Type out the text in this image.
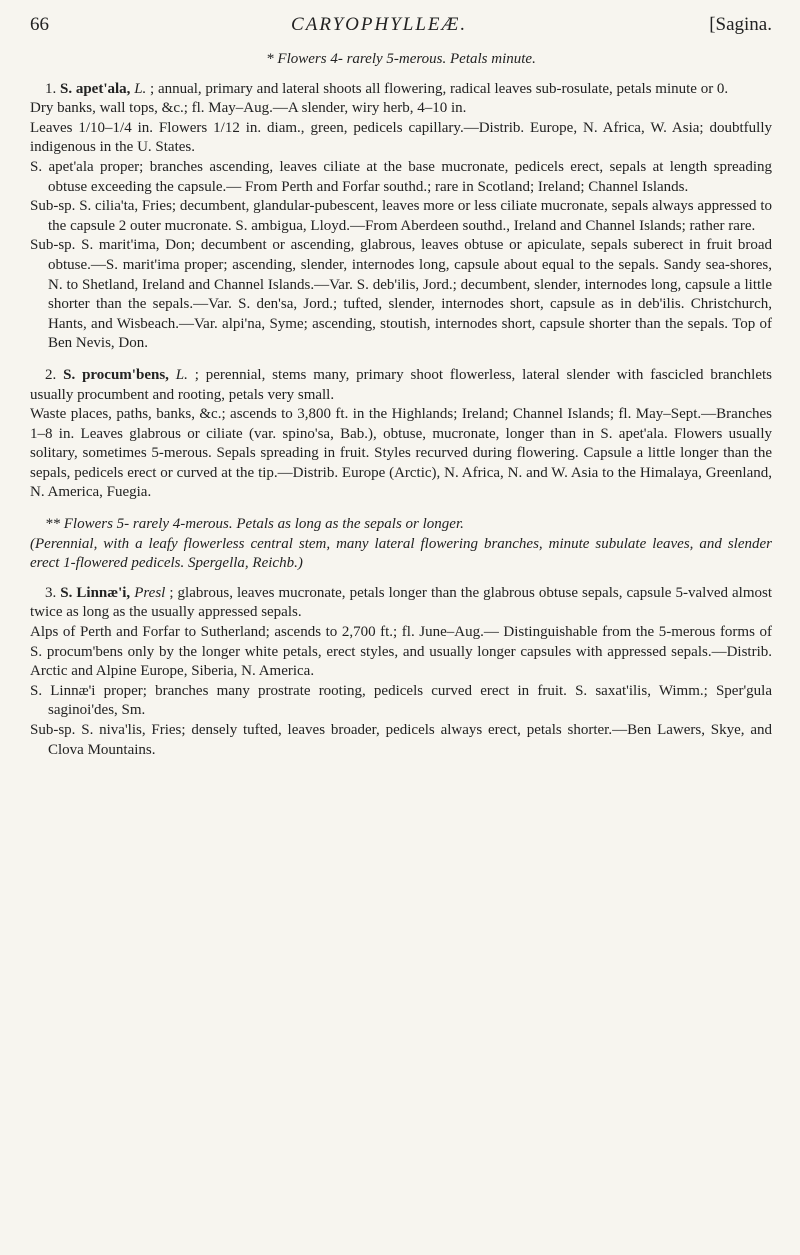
66	CARYOPHYLLEÆ.	[Sagina.

* Flowers 4- rarely 5-merous. Petals minute.

1. S. apet'ala, L. ; annual, primary and lateral shoots all flowering, radical leaves sub-rosulate, petals minute or 0.

Dry banks, wall tops, &c.; fl. May–Aug.—A slender, wiry herb, 4–10 in.

Leaves 1/10–1/4 in. Flowers 1/12 in. diam., green, pedicels capillary.—Distrib. Europe, N. Africa, W. Asia; doubtfully indigenous in the U. States.

S. apet'ala proper; branches ascending, leaves ciliate at the base mucronate, pedicels erect, sepals at length spreading obtuse exceeding the capsule.— From Perth and Forfar southd.; rare in Scotland; Ireland; Channel Islands.

Sub-sp. S. cilia'ta, Fries; decumbent, glandular-pubescent, leaves more or less ciliate mucronate, sepals always appressed to the capsule 2 outer mucronate. S. ambigua, Lloyd.—From Aberdeen southd., Ireland and Channel Islands; rather rare.

Sub-sp. S. marit'ima, Don; decumbent or ascending, glabrous, leaves obtuse or apiculate, sepals suberect in fruit broad obtuse.—S. marit'ima proper; ascending, slender, internodes long, capsule about equal to the sepals. Sandy sea-shores, N. to Shetland, Ireland and Channel Islands.—Var. S. deb'ilis, Jord.; decumbent, slender, internodes long, capsule a little shorter than the sepals.—Var. S. den'sa, Jord.; tufted, slender, internodes short, capsule as in deb'ilis. Christchurch, Hants, and Wisbeach.—Var. alpi'na, Syme; ascending, stoutish, internodes short, capsule shorter than the sepals. Top of Ben Nevis, Don.

2. S. procum'bens, L. ; perennial, stems many, primary shoot flowerless, lateral slender with fascicled branchlets usually procumbent and rooting, petals very small.

Waste places, paths, banks, &c.; ascends to 3,800 ft. in the Highlands; Ireland; Channel Islands; fl. May–Sept.—Branches 1–8 in. Leaves glabrous or ciliate (var. spino'sa, Bab.), obtuse, mucronate, longer than in S. apet'ala. Flowers usually solitary, sometimes 5-merous. Sepals spreading in fruit. Styles recurved during flowering. Capsule a little longer than the sepals, pedicels erect or curved at the tip.—Distrib. Europe (Arctic), N. Africa, N. and W. Asia to the Himalaya, Greenland, N. America, Fuegia.

** Flowers 5- rarely 4-merous. Petals as long as the sepals or longer.

(Perennial, with a leafy flowerless central stem, many lateral flowering branches, minute subulate leaves, and slender erect 1-flowered pedicels. Spergella, Reichb.)

3. S. Linnæ'i, Presl ; glabrous, leaves mucronate, petals longer than the glabrous obtuse sepals, capsule 5-valved almost twice as long as the usually appressed sepals.

Alps of Perth and Forfar to Sutherland; ascends to 2,700 ft.; fl. June–Aug.— Distinguishable from the 5-merous forms of S. procum'bens only by the longer white petals, erect styles, and usually longer capsules with appressed sepals.—Distrib. Arctic and Alpine Europe, Siberia, N. America.

S. Linnæ'i proper; branches many prostrate rooting, pedicels curved erect in fruit. S. saxat'ilis, Wimm.; Sper'gula saginoi'des, Sm.

Sub-sp. S. niva'lis, Fries; densely tufted, leaves broader, pedicels always erect, petals shorter.—Ben Lawers, Skye, and Clova Mountains.
